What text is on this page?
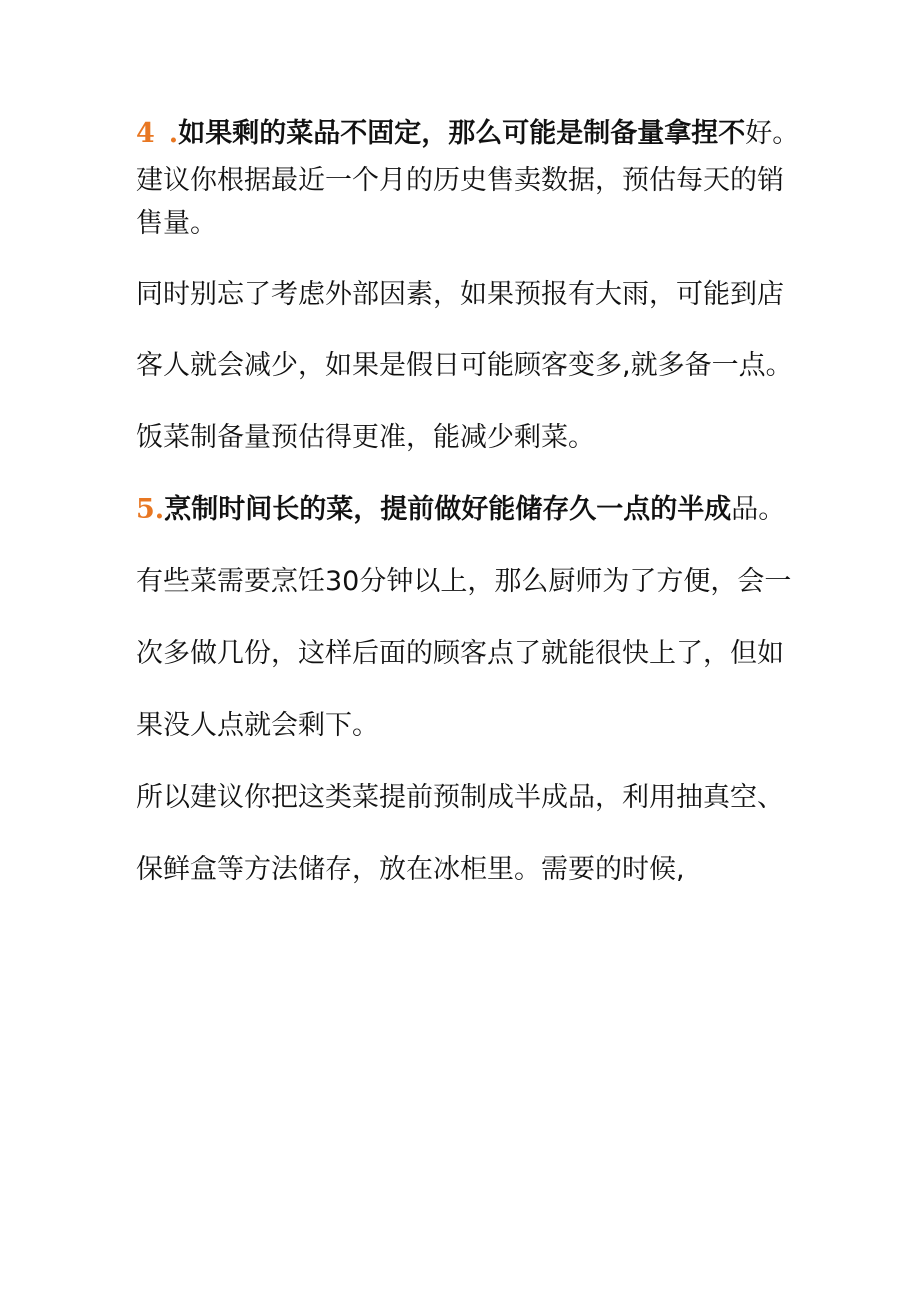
4 .如果剩的菜品不固定，那么可能是制备量拿捏不好。
建议你根据最近一个月的历史售卖数据，预估每天的销
售量。
同时别忘了考虑外部因素，如果预报有大雨，可能到店
客人就会减少，如果是假日可能顾客变多,就多备一点。
饭菜制备量预估得更准，能减少剩菜。
5.烹制时间长的菜，提前做好能储存久一点的半成品。
有些菜需要烹饪30分钟以上，那么厨师为了方便，会一
次多做几份，这样后面的顾客点了就能很快上了，但如
果没人点就会剩下。
所以建议你把这类菜提前预制成半成品，利用抽真空、
保鲜盒等方法储存，放在冰柜里。需要的时候,
